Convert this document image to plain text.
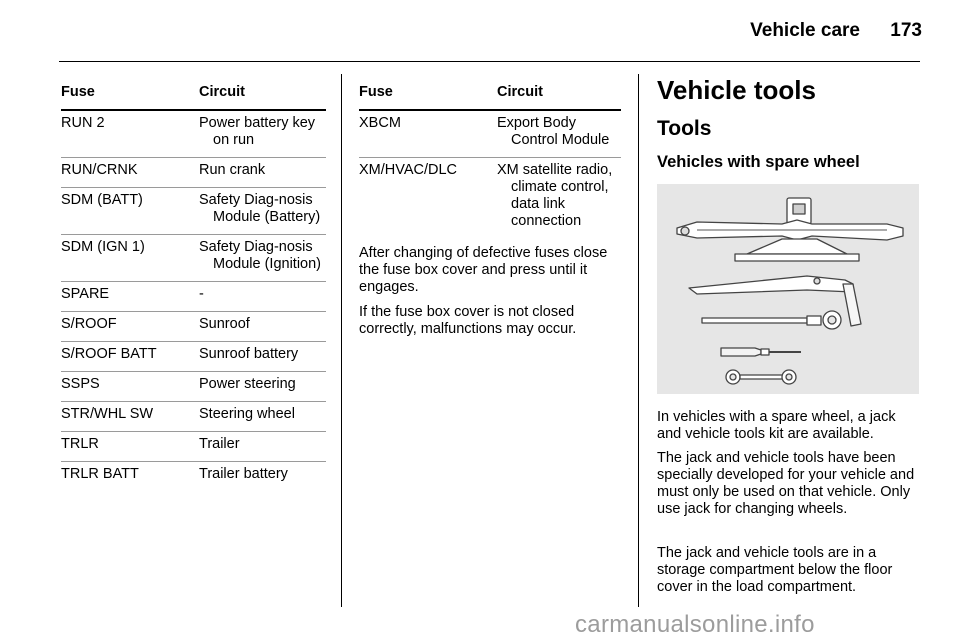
Vehicle care	173
Fuse	Circuit
RUN 2	Power battery key on run
RUN/CRNK	Run crank
SDM (BATT)	Safety Diag-nosis Module (Battery)
SDM (IGN 1)	Safety Diag-nosis Module (Ignition)
SPARE	-
S/ROOF	Sunroof
S/ROOF BATT	Sunroof battery
SSPS	Power steering
STR/WHL SW	Steering wheel
TRLR	Trailer
TRLR BATT	Trailer battery
Fuse	Circuit
XBCM	Export Body Control Module
XM/HVAC/DLC	XM satellite radio, climate control, data link connection

After changing of defective fuses close the fuse box cover and press until it engages.

If the fuse box cover is not closed correctly, malfunctions may occur.

Vehicle tools
Tools
Vehicles with spare wheel

In vehicles with a spare wheel, a jack and vehicle tools kit are available.

The jack and vehicle tools have been specially developed for your vehicle and must only be used on that vehicle. Only use jack for changing wheels.

The jack and vehicle tools are in a storage compartment below the floor cover in the load compartment.

carmanualsonline.info
